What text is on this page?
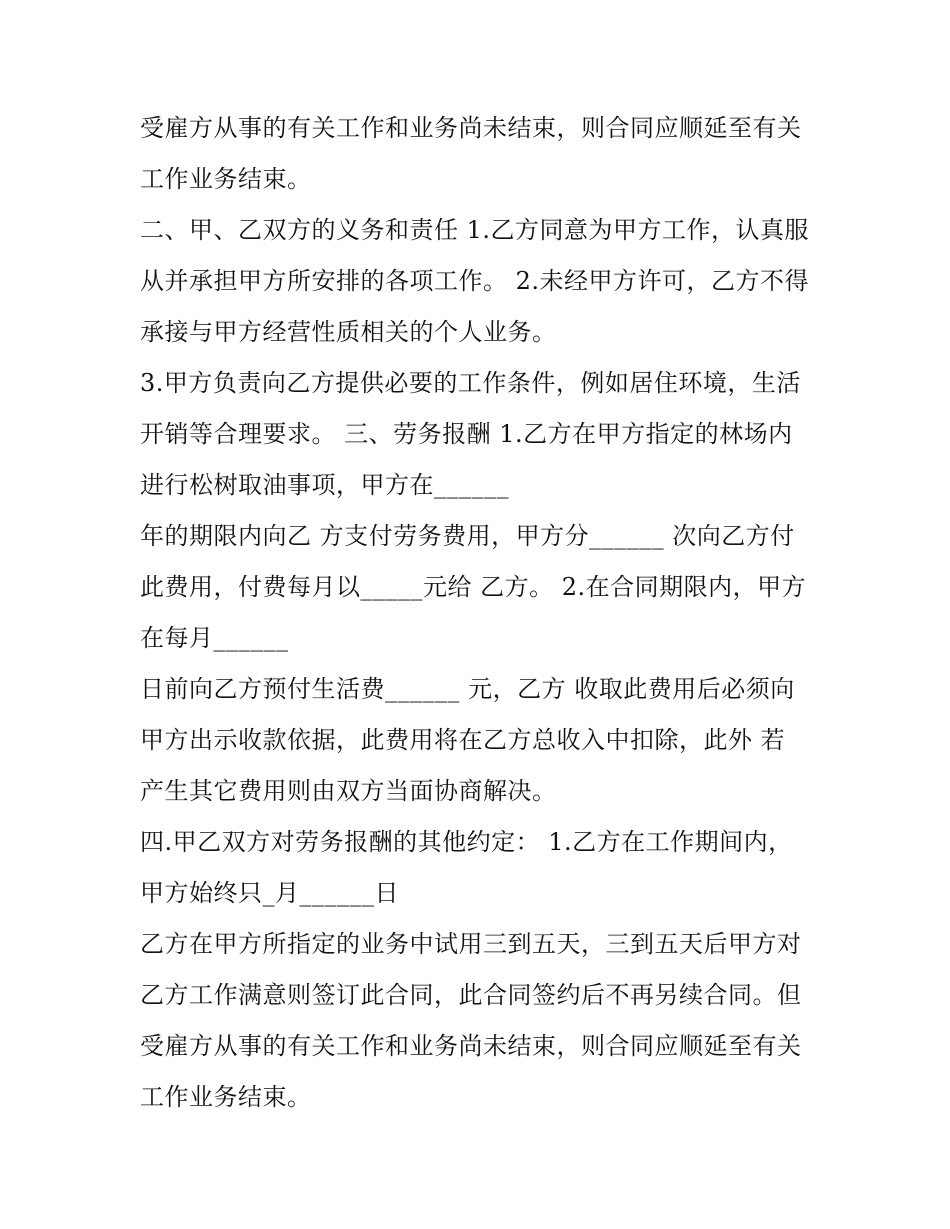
受雇方从事的有关工作和业务尚未结束，则合同应顺延至有关
工作业务结束。
二、甲、乙双方的义务和责任 1.乙方同意为甲方工作，认真服
从并承担甲方所安排的各项工作。 2.未经甲方许可，乙方不得
承接与甲方经营性质相关的个人业务。
3.甲方负责向乙方提供必要的工作条件，例如居住环境，生活
开销等合理要求。 三、劳务报酬 1.乙方在甲方指定的林场内
进行松树取油事项，甲方在______
年的期限内向乙 方支付劳务费用，甲方分______ 次向乙方付
此费用，付费每月以_____元给 乙方。 2.在合同期限内，甲方
在每月______
日前向乙方预付生活费______ 元，乙方 收取此费用后必须向
甲方出示收款依据，此费用将在乙方总收入中扣除，此外 若
产生其它费用则由双方当面协商解决。
四.甲乙双方对劳务报酬的其他约定： 1.乙方在工作期间内，
甲方始终只_月______日
乙方在甲方所指定的业务中试用三到五天，三到五天后甲方对
乙方工作满意则签订此合同，此合同签约后不再另续合同。但
受雇方从事的有关工作和业务尚未结束，则合同应顺延至有关
工作业务结束。
